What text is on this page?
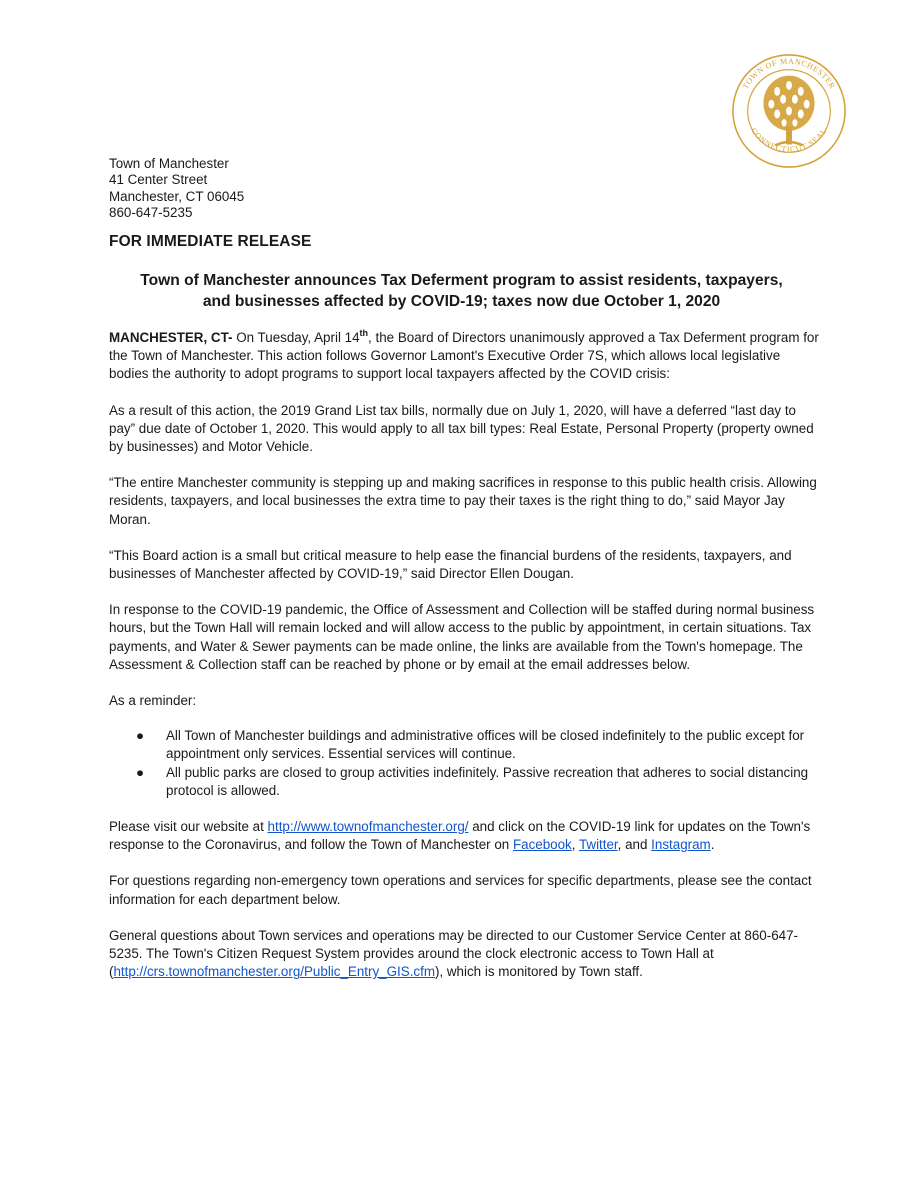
TOWN OF MANCHESTER
CONNECTICUT SEAL
Town of Manchester
41 Center Street
Manchester, CT 06045
860-647-5235
FOR IMMEDIATE RELEASE
Town of Manchester announces Tax Deferment program to assist residents, taxpayers,
and businesses affected by COVID-19; taxes now due October 1, 2020

MANCHESTER, CT- On Tuesday, April 14th, the Board of Directors unanimously approved a Tax Deferment program for the Town of Manchester. This action follows Governor Lamont's Executive Order 7S, which allows local legislative bodies the authority to adopt programs to support local taxpayers affected by the COVID crisis:

As a result of this action, the 2019 Grand List tax bills, normally due on July 1, 2020, will have a deferred “last day to pay” due date of October 1, 2020. This would apply to all tax bill types: Real Estate, Personal Property (property owned by businesses) and Motor Vehicle.

“The entire Manchester community is stepping up and making sacrifices in response to this public health crisis. Allowing residents, taxpayers, and local businesses the extra time to pay their taxes is the right thing to do,” said Mayor Jay Moran.

“This Board action is a small but critical measure to help ease the financial burdens of the residents, taxpayers, and businesses of Manchester affected by COVID-19,” said Director Ellen Dougan.

In response to the COVID-19 pandemic, the Office of Assessment and Collection will be staffed during normal business hours, but the Town Hall will remain locked and will allow access to the public by appointment, in certain situations. Tax payments, and Water & Sewer payments can be made online, the links are available from the Town's homepage. The Assessment & Collection staff can be reached by phone or by email at the email addresses below.

As a reminder:

● All Town of Manchester buildings and administrative offices will be closed indefinitely to the public except for appointment only services. Essential services will continue.
● All public parks are closed to group activities indefinitely. Passive recreation that adheres to social distancing protocol is allowed.

Please visit our website at http://www.townofmanchester.org/ and click on the COVID-19 link for updates on the Town's response to the Coronavirus, and follow the Town of Manchester on Facebook, Twitter, and Instagram.

For questions regarding non-emergency town operations and services for specific departments, please see the contact information for each department below.

General questions about Town services and operations may be directed to our Customer Service Center at 860-647-5235. The Town's Citizen Request System provides around the clock electronic access to Town Hall at (http://crs.townofmanchester.org/Public_Entry_GIS.cfm), which is monitored by Town staff.
